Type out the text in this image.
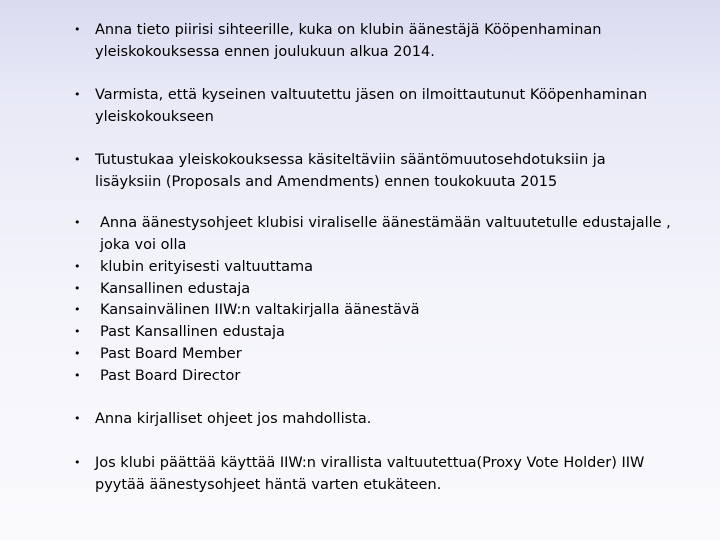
•	Anna tieto piirisi sihteerille, kuka on klubin äänestäjä Kööpenhaminan
yleiskokouksessa ennen joulukuun alkua 2014.
•	Varmista, että kyseinen valtuutettu jäsen on ilmoittautunut Kööpenhaminan
yleiskokoukseen
•	Tutustukaa yleiskokouksessa käsiteltäviin sääntömuutosehdotuksiin ja
lisäyksiin (Proposals and Amendments) ennen toukokuuta 2015
•	Anna äänestysohjeet klubisi viraliselle äänestämään valtuutetulle edustajalle ,
joka voi olla
•	klubin erityisesti valtuuttama
•	Kansallinen edustaja
•	Kansainvälinen IIW:n valtakirjalla äänestävä
•	Past Kansallinen edustaja
•	Past Board Member
•	Past Board Director
•	Anna kirjalliset ohjeet jos mahdollista.
•	Jos klubi päättää käyttää IIW:n virallista valtuutettua(Proxy Vote Holder) IIW
pyytää äänestysohjeet häntä varten etukäteen.
